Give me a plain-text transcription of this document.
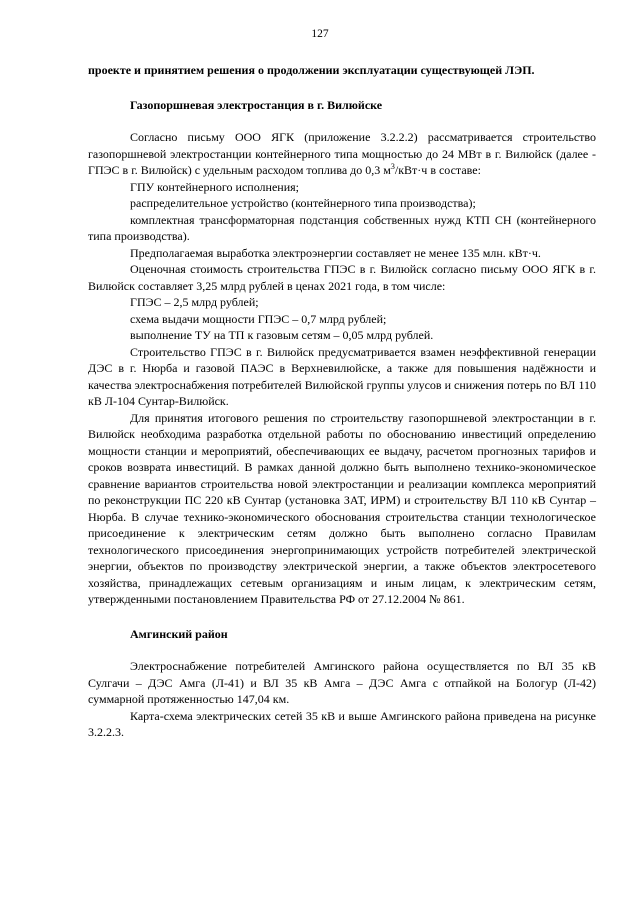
127

проекте и принятием решения о продолжении эксплуатации существующей ЛЭП.

Газопоршневая электростанция в г. Вилюйске

Согласно письму ООО ЯГК (приложение 3.2.2.2) рассматривается строительство газопоршневой электростанции контейнерного типа мощностью до 24 МВт в г. Вилюйск (далее - ГПЭС в г. Вилюйск) с удельным расходом топлива до 0,3 $м^3/кВт\cdot ч$ в составе:

ГПУ контейнерного исполнения;

распределительное устройство (контейнерного типа производства);

комплектная трансформаторная подстанция собственных нужд КТП СН (контейнерного типа производства).

Предполагаемая выработка электроэнергии составляет не менее 135 млн. кВт·ч.

Оценочная стоимость строительства ГПЭС в г. Вилюйск согласно письму ООО ЯГК в г. Вилюйск составляет 3,25 млрд рублей в ценах 2021 года, в том числе:

ГПЭС – 2,5 млрд рублей;

схема выдачи мощности ГПЭС – 0,7 млрд рублей;

выполнение ТУ на ТП к газовым сетям – 0,05 млрд рублей.

Строительство ГПЭС в г. Вилюйск предусматривается взамен неэффективной генерации ДЭС в г. Нюрба и газовой ПАЭС в Верхневилюйске, а также для повышения надёжности и качества электроснабжения потребителей Вилюйской группы улусов и снижения потерь по ВЛ 110 кВ Л-104 Сунтар-Вилюйск.

Для принятия итогового решения по строительству газопоршневой электростанции в г. Вилюйск необходима разработка отдельной работы по обоснованию инвестиций определению мощности станции и мероприятий, обеспечивающих ее выдачу, расчетом прогнозных тарифов и сроков возврата инвестиций. В рамках данной должно быть выполнено технико-экономическое сравнение вариантов строительства новой электростанции и реализации комплекса мероприятий по реконструкции ПС 220 кВ Сунтар (установка ЗАТ, ИРМ) и строительству ВЛ 110 кВ Сунтар – Нюрба. В случае технико-экономического обоснования строительства станции технологическое присоединение к электрическим сетям должно быть выполнено согласно Правилам технологического присоединения энергопринимающих устройств потребителей электрической энергии, объектов по производству электрической энергии, а также объектов электросетевого хозяйства, принадлежащих сетевым организациям и иным лицам, к электрическим сетям, утвержденными постановлением Правительства РФ от 27.12.2004 № 861.

Амгинский район

Электроснабжение потребителей Амгинского района осуществляется по ВЛ 35 кВ Сулгачи – ДЭС Амга (Л-41) и ВЛ 35 кВ Амга – ДЭС Амга с отпайкой на Бологур (Л-42) суммарной протяженностью 147,04 км.

Карта-схема электрических сетей 35 кВ и выше Амгинского района приведена на рисунке 3.2.2.3.
